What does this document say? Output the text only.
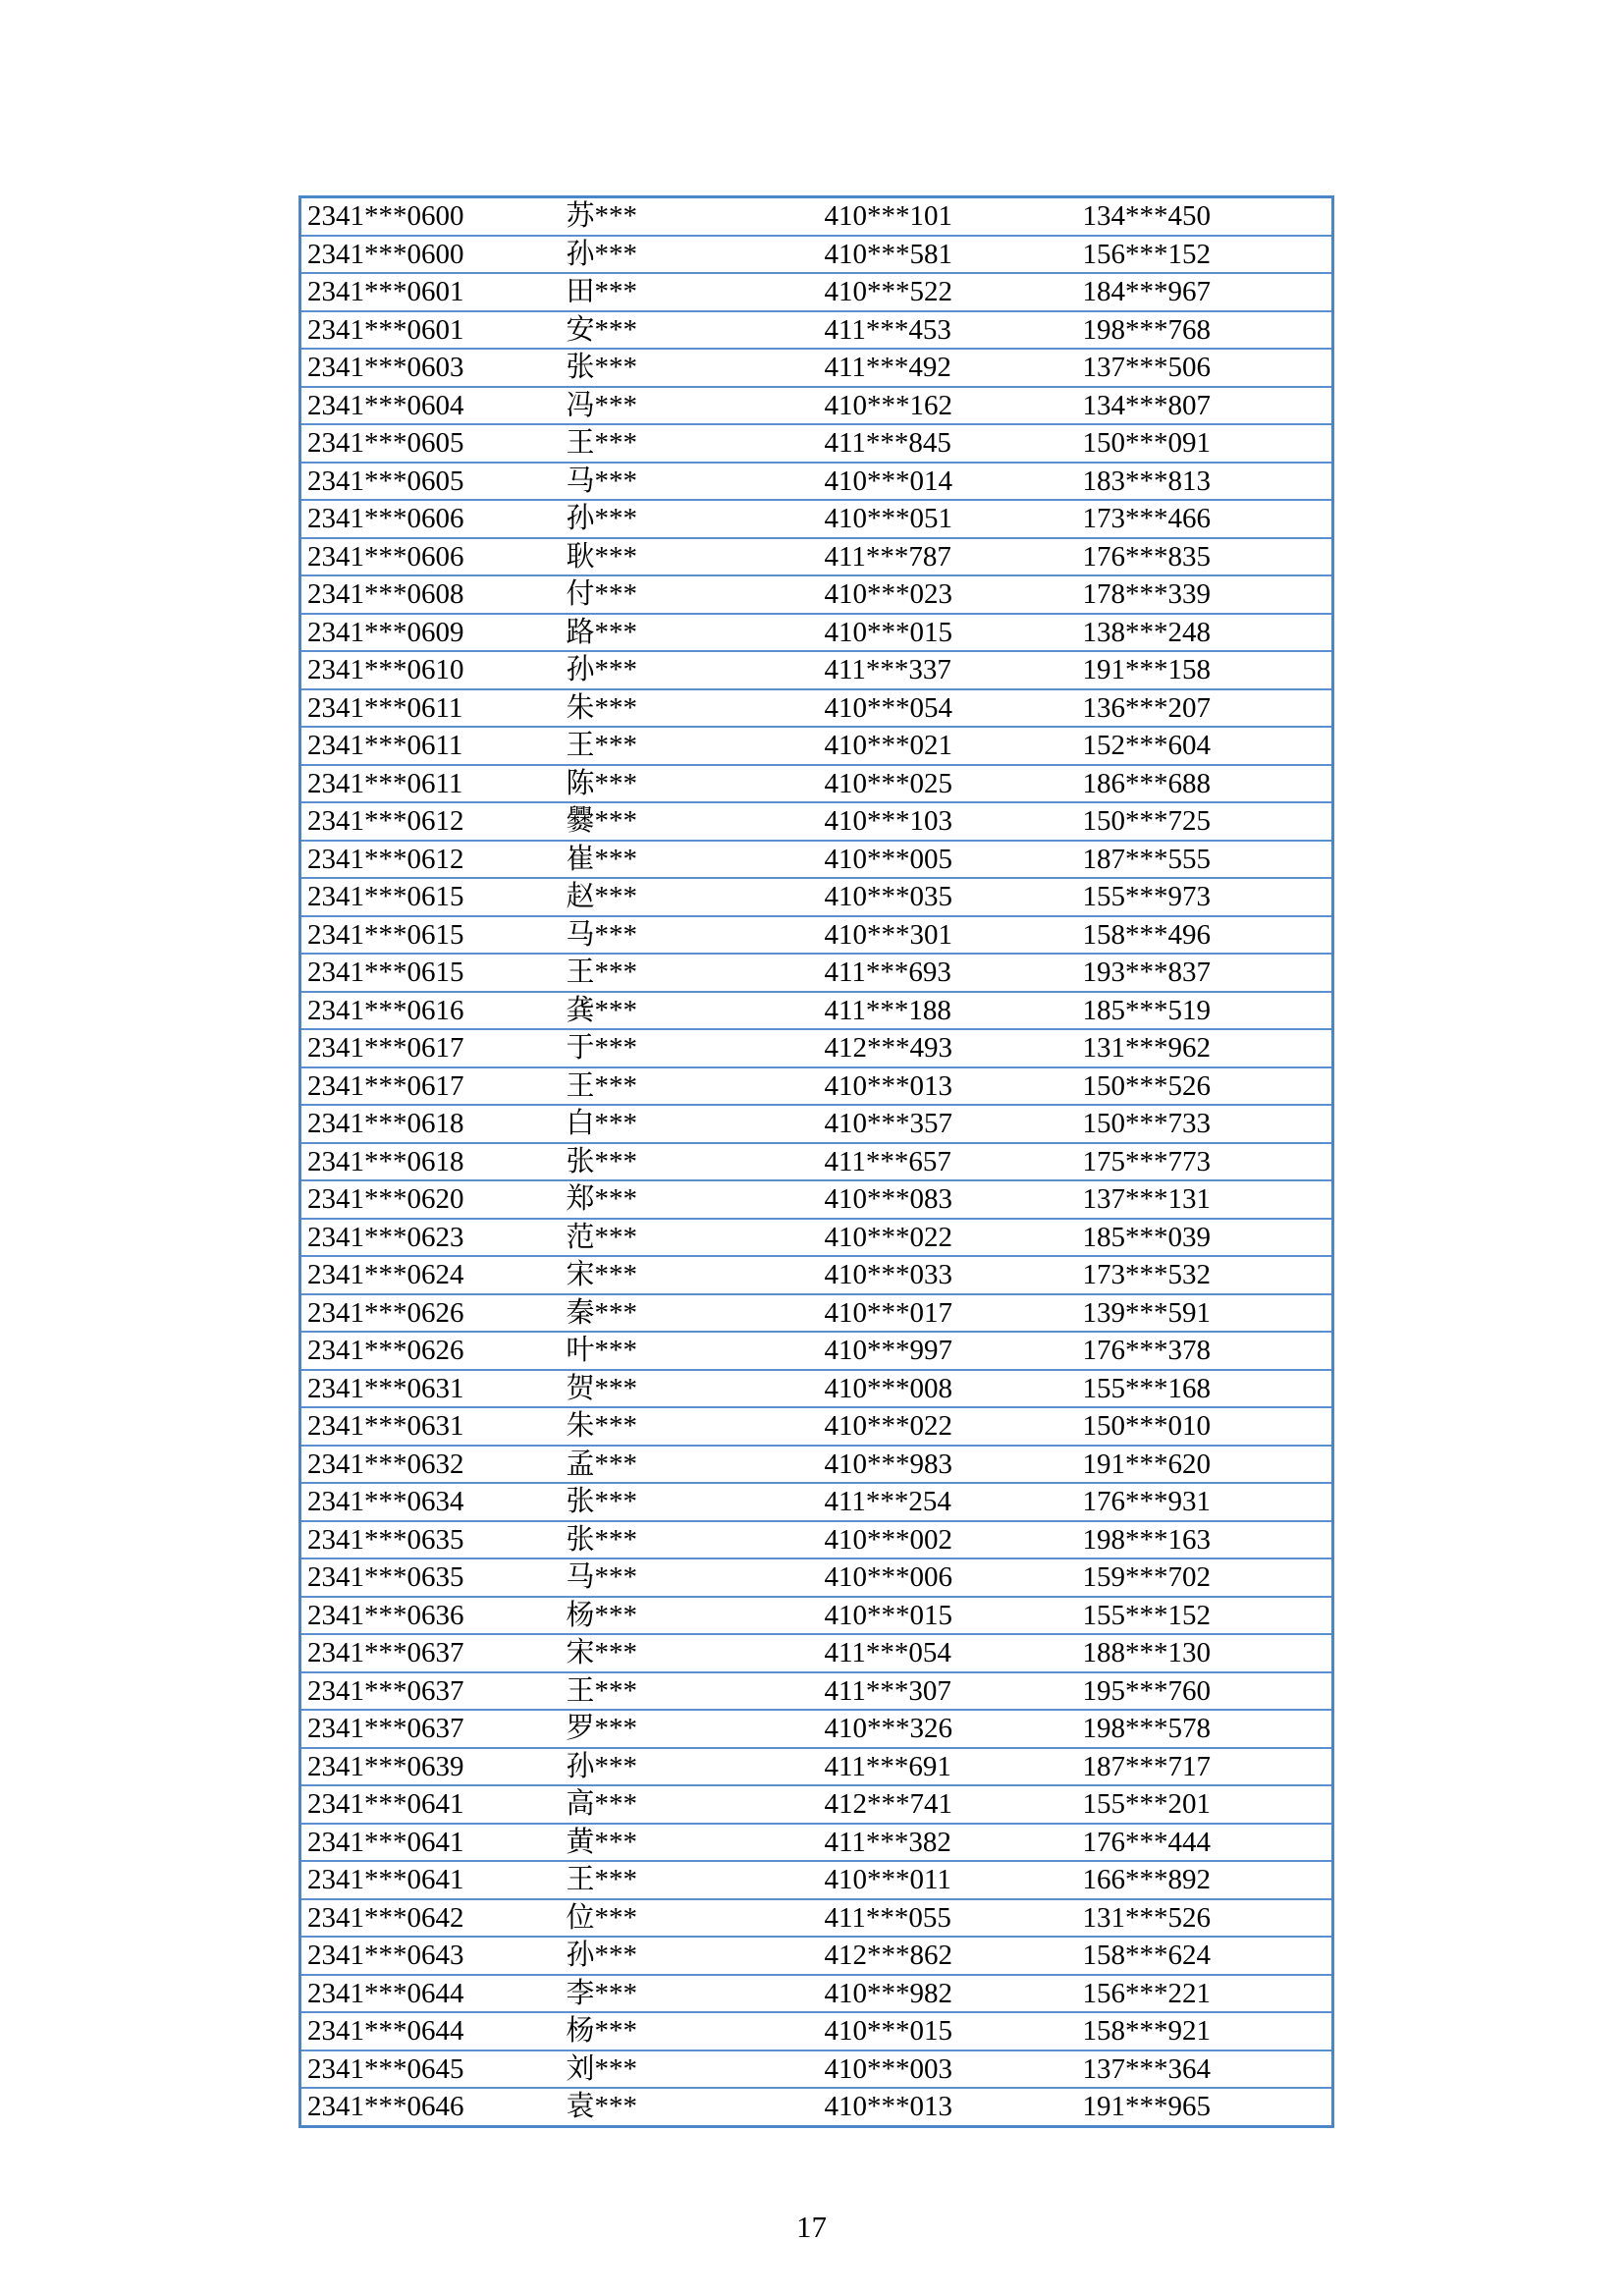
2341***0600	苏***	410***101	134***450
2341***0600	孙***	410***581	156***152
2341***0601	田***	410***522	184***967
2341***0601	安***	411***453	198***768
2341***0603	张***	411***492	137***506
2341***0604	冯***	410***162	134***807
2341***0605	王***	411***845	150***091
2341***0605	马***	410***014	183***813
2341***0606	孙***	410***051	173***466
2341***0606	耿***	411***787	176***835
2341***0608	付***	410***023	178***339
2341***0609	路***	410***015	138***248
2341***0610	孙***	411***337	191***158
2341***0611	朱***	410***054	136***207
2341***0611	王***	410***021	152***604
2341***0611	陈***	410***025	186***688
2341***0612	爨***	410***103	150***725
2341***0612	崔***	410***005	187***555
2341***0615	赵***	410***035	155***973
2341***0615	马***	410***301	158***496
2341***0615	王***	411***693	193***837
2341***0616	龚***	411***188	185***519
2341***0617	于***	412***493	131***962
2341***0617	王***	410***013	150***526
2341***0618	白***	410***357	150***733
2341***0618	张***	411***657	175***773
2341***0620	郑***	410***083	137***131
2341***0623	范***	410***022	185***039
2341***0624	宋***	410***033	173***532
2341***0626	秦***	410***017	139***591
2341***0626	叶***	410***997	176***378
2341***0631	贺***	410***008	155***168
2341***0631	朱***	410***022	150***010
2341***0632	孟***	410***983	191***620
2341***0634	张***	411***254	176***931
2341***0635	张***	410***002	198***163
2341***0635	马***	410***006	159***702
2341***0636	杨***	410***015	155***152
2341***0637	宋***	411***054	188***130
2341***0637	王***	411***307	195***760
2341***0637	罗***	410***326	198***578
2341***0639	孙***	411***691	187***717
2341***0641	高***	412***741	155***201
2341***0641	黄***	411***382	176***444
2341***0641	王***	410***011	166***892
2341***0642	位***	411***055	131***526
2341***0643	孙***	412***862	158***624
2341***0644	李***	410***982	156***221
2341***0644	杨***	410***015	158***921
2341***0645	刘***	410***003	137***364
2341***0646	袁***	410***013	191***965
17
